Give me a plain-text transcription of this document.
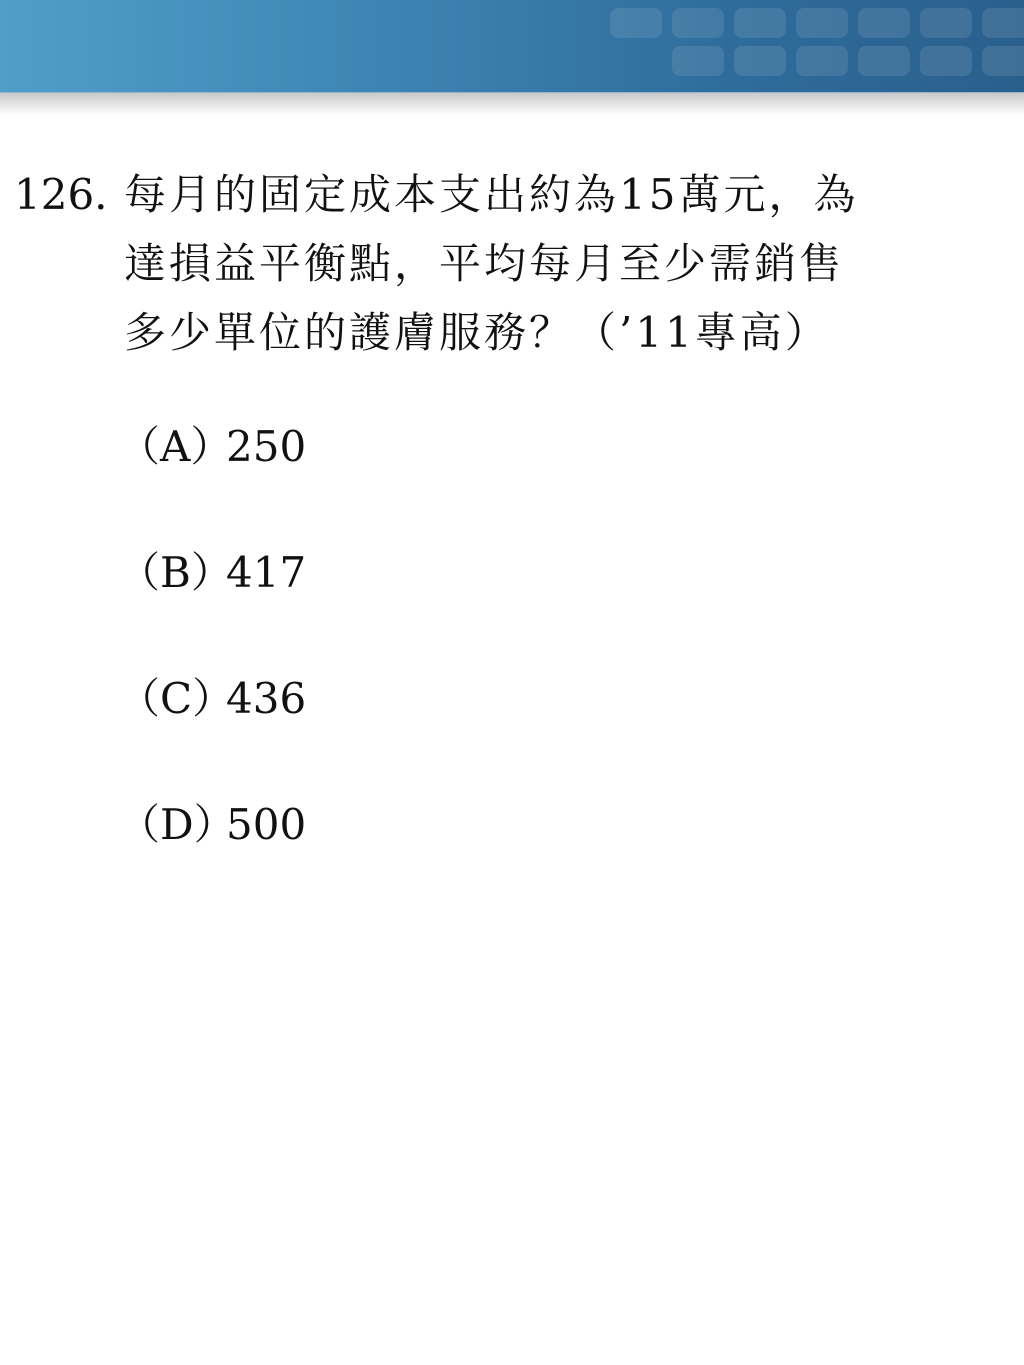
126. 每月的固定成本支出約為15萬元，為
達損益平衡點，平均每月至少需銷售
多少單位的護膚服務？（’11專高）
（A）250
（B）417
（C）436
（D）500
